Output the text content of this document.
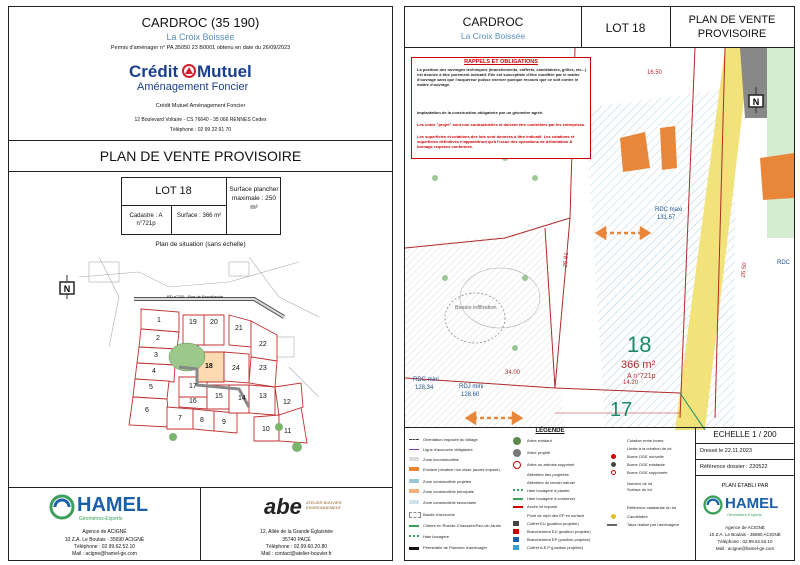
CARDROC (35 190)
La Croix Boissée
Permis d'aménager n° PA 35050 23 B0001 obtenu en date du 26/09/2023
Crédit Mutuel
Aménagement Foncier
Crédit Mutuel Aménagement Foncier
12 Boulevard Voltaire - CS 76640 - 35 066 RENNES Cedex
Téléphone : 02 99 22 91 70
PLAN DE VENTE PROVISOIRE
LOT 18	Surface plancher maximale : 250 m²
Cadastre : A n°721p
Surface : 366 m²
Plan de situation (sans échelle)
N
1
2
3
4
5
6
7	8	9
10 11
12
13
14
15
16
17
18
19 20
21
22
23
24
RD n°220 - Rue de Brocéliande
HAMEL
Géomètres-Experts
Agence de ACIGNÉ
10 Z.A. Le Boulais - 35690 ACIGNÉ
Téléphone : 02.99.62.52.10
Mail : acigne@hamel-ge.com
abe ATELIER BOUVIER ENVIRONNEMENT
12, Allée de la Grande Églaisnée
35740 PACÉ
Téléphone : 02.99.60.20.80
Mail : contact@atelier-bouvier.fr
CARDROC
La Croix Boissée
LOT 18
PLAN DE VENTE PROVISOIRE
N
RAPPELS ET OBLIGATIONS
La position des ouvrages techniques (branchements, coffrets, candélabres, grilles, etc...) est donnée à titre purement indicatif. Elle est susceptible d'être modifiée par le maître d'ouvrage sans que l'acquéreur puisse exercer quelque recours que ce soit contre le maître d'ouvrage.
Implantation de la construction obligatoire par un géomètre agréé.
Les cotes "projet" sont non contractuelles et doivent être contrôlées par les entreprises.
Les superficies et cotations des lots sont données à titre indicatif. Les cotations et superficies définitives n'apparaîtront qu'à l'issue des opérations de délimitation & bornage requises conformes.
16.50
25.81
26.50
34.00
14.20
RDC maxi
131.57
RDC
RDC mini
128.34	RDJ mini
128.60
Bassin infiltration
18
366 m²
A n°721p
17
LÉGENDE
Orientation imposée du faîtage
Ligne d'accroche obligatoire
Zone inconstructible
Enclave privative non close (accès imposé)
Zone constructible projetée
Zone constructible principale
Zone constructible secondaire
Bande d'accroche
Clôture en Rue/de-Chaussée/Rez-de-Jardin
Haie bocagère
Perméable de Plancher d'aménager
Arbre existant
Arbre projeté
Arbre ou arbuste supprimé
Altimétrie des projetées
Altimétrie du terrain naturel
Haie bocagère à planter
Haie bocagère à conserver
Accès lot imposé
Point de rejet des EP en surface
Coffret EU (position projetée)
Branchement EU (position projetée)
Branchement EP (position projetée)
Coffret A.E.P (position projetée)
Cotation entre borne
Limite à la création de lot
Borne OGE nouvelle
Borne OGE existante
Borne OGE supprimée
Numéro de lot
Surface du lot
Référence cadastrale du lot
Candélabre
Talus réalisé par l'aménageur
ECHELLE 1 / 200
Dressé le 22.11.2023
Référence dossier : 220522
PLAN ÉTABLI PAR
HAMEL
Géomètres-Experts
Agence de ACIGNÉ
10 Z.A. Le Boulais - 35690 ACIGNÉ
Téléphone : 02.99.62.52.10
Mail : acigne@hamel-ge.com
